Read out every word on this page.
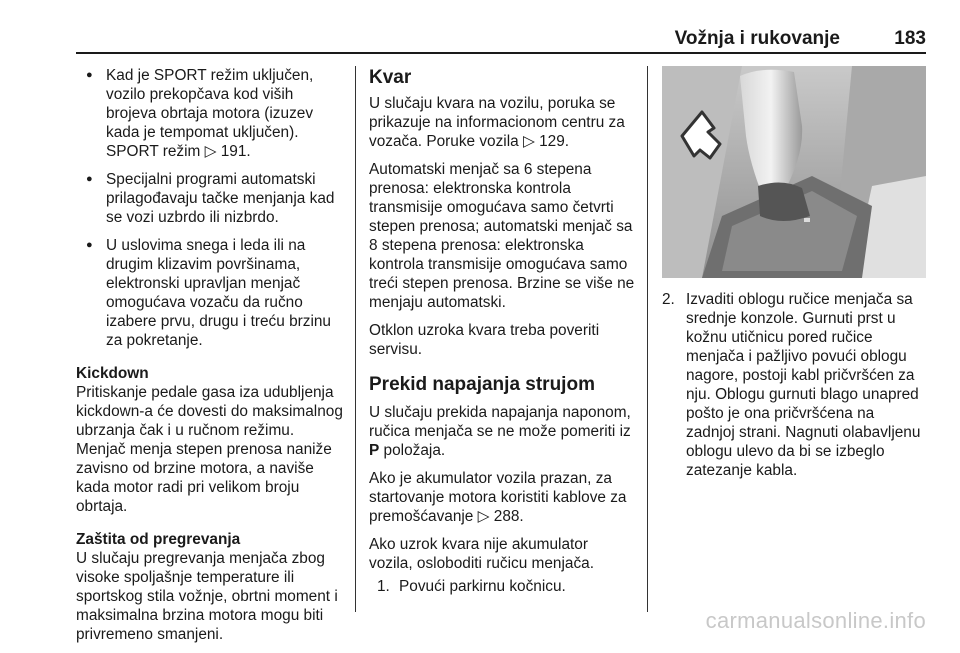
Vožnja i rukovanje	183
● Kad je SPORT režim uključen, vozilo prekopčava kod viših brojeva obrtaja motora (izuzev kada je tempomat uključen). SPORT režim ▷ 191.
● Specijalni programi automatski prilagođavaju tačke menjanja kad se vozi uzbrdo ili nizbrdo.
● U uslovima snega i leda ili na drugim klizavim površinama, elektronski upravljan menjač omogućava vozaču da ručno izabere prvu, drugu i treću brzinu za pokretanje.
Kickdown
Pritiskanje pedale gasa iza udubljenja kickdown-a će dovesti do maksimalnog ubrzanja čak i u ručnom režimu. Menjač menja stepen prenosa naniže zavisno od brzine motora, a naviše kada motor radi pri velikom broju obrtaja.
Zaštita od pregrevanja
U slučaju pregrevanja menjača zbog visoke spoljašnje temperature ili sportskog stila vožnje, obrtni moment i maksimalna brzina motora mogu biti privremeno smanjeni.
Kvar
U slučaju kvara na vozilu, poruka se prikazuje na informacionom centru za vozača. Poruke vozila ▷ 129.
Automatski menjač sa 6 stepena prenosa: elektronska kontrola transmisije omogućava samo četvrti stepen prenosa; automatski menjač sa 8 stepena prenosa: elektronska kontrola transmisije omogućava samo treći stepen prenosa. Brzine se više ne menjaju automatski.
Otklon uzroka kvara treba poveriti servisu.
Prekid napajanja strujom
U slučaju prekida napajanja naponom, ručica menjača se ne može pomeriti iz P položaja.
Ako je akumulator vozila prazan, za startovanje motora koristiti kablove za premošćavanje ▷ 288.
Ako uzrok kvara nije akumulator vozila, osloboditi ručicu menjača.
1. Povući parkirnu kočnicu.
2. Izvaditi oblogu ručice menjača sa srednje konzole. Gurnuti prst u kožnu utičnicu pored ručice menjača i pažljivo povući oblogu nagore, postoji kabl pričvršćen za nju. Oblogu gurnuti blago unapred pošto je ona pričvršćena na zadnjoj strani. Nagnuti olabavljenu oblogu ulevo da bi se izbeglo zatezanje kabla.
carmanualsonline.info
